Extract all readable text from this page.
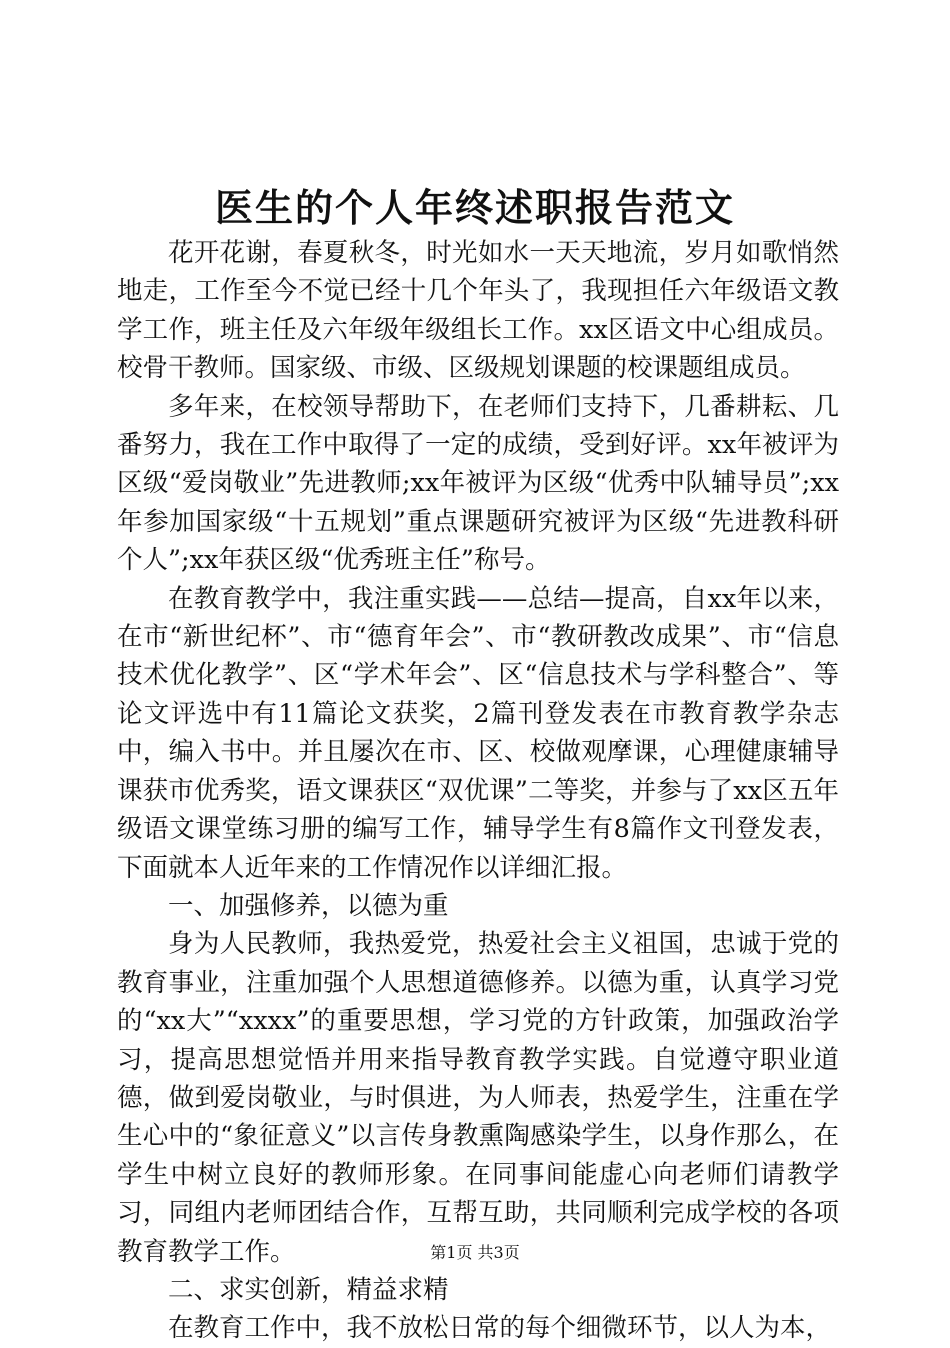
医生的个人年终述职报告范文

花开花谢，春夏秋冬，时光如水一天天地流，岁月如歌悄然地走，工作至今不觉已经十几个年头了，我现担任六年级语文教学工作，班主任及六年级年级组长工作。xx区语文中心组成员。校骨干教师。国家级、市级、区级规划课题的校课题组成员。

多年来，在校领导帮助下，在老师们支持下，几番耕耘、几番努力，我在工作中取得了一定的成绩，受到好评。xx年被评为区级“爱岗敬业”先进教师;xx年被评为区级“优秀中队辅导员”;xx年参加国家级“十五规划”重点课题研究被评为区级“先进教科研个人”;xx年获区级“优秀班主任”称号。

在教育教学中，我注重实践——总结—提高，自xx年以来，在市“新世纪杯”、市“德育年会”、市“教研教改成果”、市“信息技术优化教学”、区“学术年会”、区“信息技术与学科整合”、等论文评选中有11篇论文获奖，2篇刊登发表在市教育教学杂志中，编入书中。并且屡次在市、区、校做观摩课，心理健康辅导课获市优秀奖，语文课获区“双优课”二等奖，并参与了xx区五年级语文课堂练习册的编写工作，辅导学生有8篇作文刊登发表，下面就本人近年来的工作情况作以详细汇报。

一、加强修养，以德为重

身为人民教师，我热爱党，热爱社会主义祖国，忠诚于党的教育事业，注重加强个人思想道德修养。以德为重，认真学习党的“xx大”“xxxx”的重要思想，学习党的方针政策，加强政治学习，提高思想觉悟并用来指导教育教学实践。自觉遵守职业道德，做到爱岗敬业，与时俱进，为人师表，热爱学生，注重在学生心中的“象征意义”以言传身教熏陶感染学生，以身作那么，在学生中树立良好的教师形象。在同事间能虚心向老师们请教学习，同组内老师团结合作，互帮互助，共同顺利完成学校的各项教育教学工作。

二、求实创新，精益求精

在教育工作中，我不放松日常的每个细微环节，以人为本，

第1页 共3页
